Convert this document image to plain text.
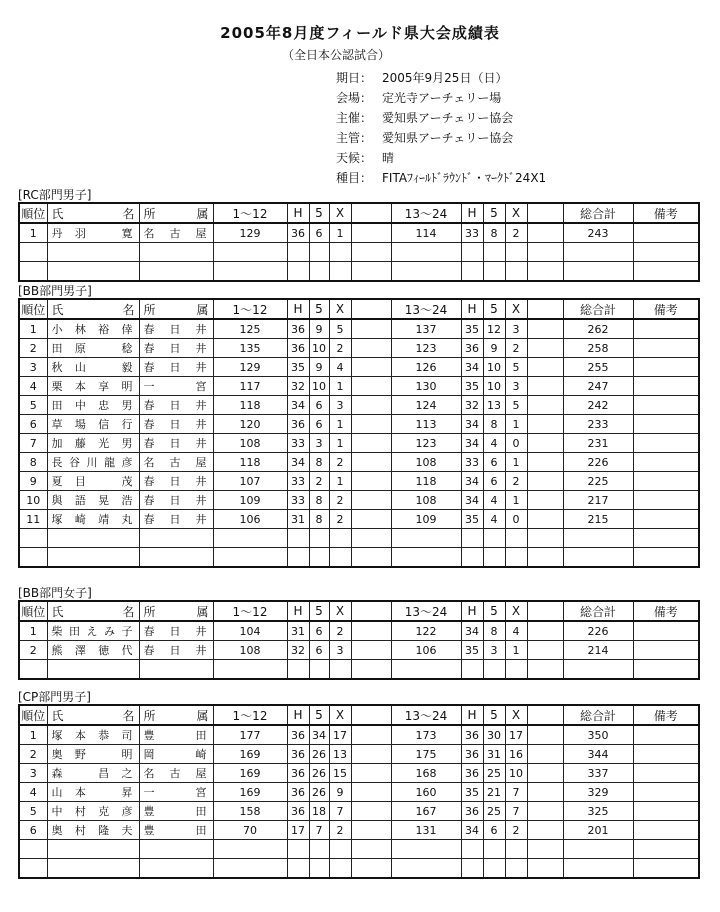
2005年8月度フィールド県大会成績表
（全日本公認試合）
期日： 2005年9月25日（日）
会場： 定光寺アーチェリー場
主催： 愛知県アーチェリー協会
主管： 愛知県アーチェリー協会
天候： 晴
種目： FITAﾌｨｰﾙﾄﾞﾗｳﾝﾄﾞ・ﾏｰｸﾄﾞ24X1
[RC部門男子]
順位	氏 名	所 属	1～12	H	5	X		13～24	H	5	X		総合計	備考
1	丹羽　寛	名古屋	129	36	6	1		114	33	8	2		243	

[BB部門男子]
順位	氏 名	所 属	1～12	H	5	X		13～24	H	5	X		総合計	備考
1	小林裕倖	春日井	125	36	9	5		137	35	12	3		262	
2	田原　稔	春日井	135	36	10	2		123	36	9	2		258	
3	秋山　毅	春日井	129	35	9	4		126	34	10	5		255	
4	栗本享明	一宮	117	32	10	1		130	35	10	3		247	
5	田中忠男	春日井	118	34	6	3		124	32	13	5		242	
6	草場信行	春日井	120	36	6	1		113	34	8	1		233	
7	加藤光男	春日井	108	33	3	1		123	34	4	0		231	
8	長谷川龍彦	名古屋	118	34	8	2		108	33	6	1		226	
9	夏目　茂	春日井	107	33	2	1		118	34	6	2		225	
10	與語晃浩	春日井	109	33	8	2		108	34	4	1		217	
11	塚崎靖丸	春日井	106	31	8	2		109	35	4	0		215	

[BB部門女子]
順位	氏 名	所 属	1～12	H	5	X		13～24	H	5	X		総合計	備考
1	柴田えみ子	春日井	104	31	6	2		122	34	8	4		226	
2	熊澤徳代	春日井	108	32	6	3		106	35	3	1		214	

[CP部門男子]
順位	氏 名	所 属	1～12	H	5	X		13～24	H	5	X		総合計	備考
1	塚本恭司	豊田	177	36	34	17		173	36	30	17		350	
2	奥野　明	岡崎	169	36	26	13		175	36	31	16		344	
3	森　昌之	名古屋	169	36	26	15		168	36	25	10		337	
4	山本　昇	一宮	169	36	26	9		160	35	21	7		329	
5	中村克彦	豊田	158	36	18	7		167	36	25	7		325	
6	奥村隆夫	豊田	70	17	7	2		131	34	6	2		201	
